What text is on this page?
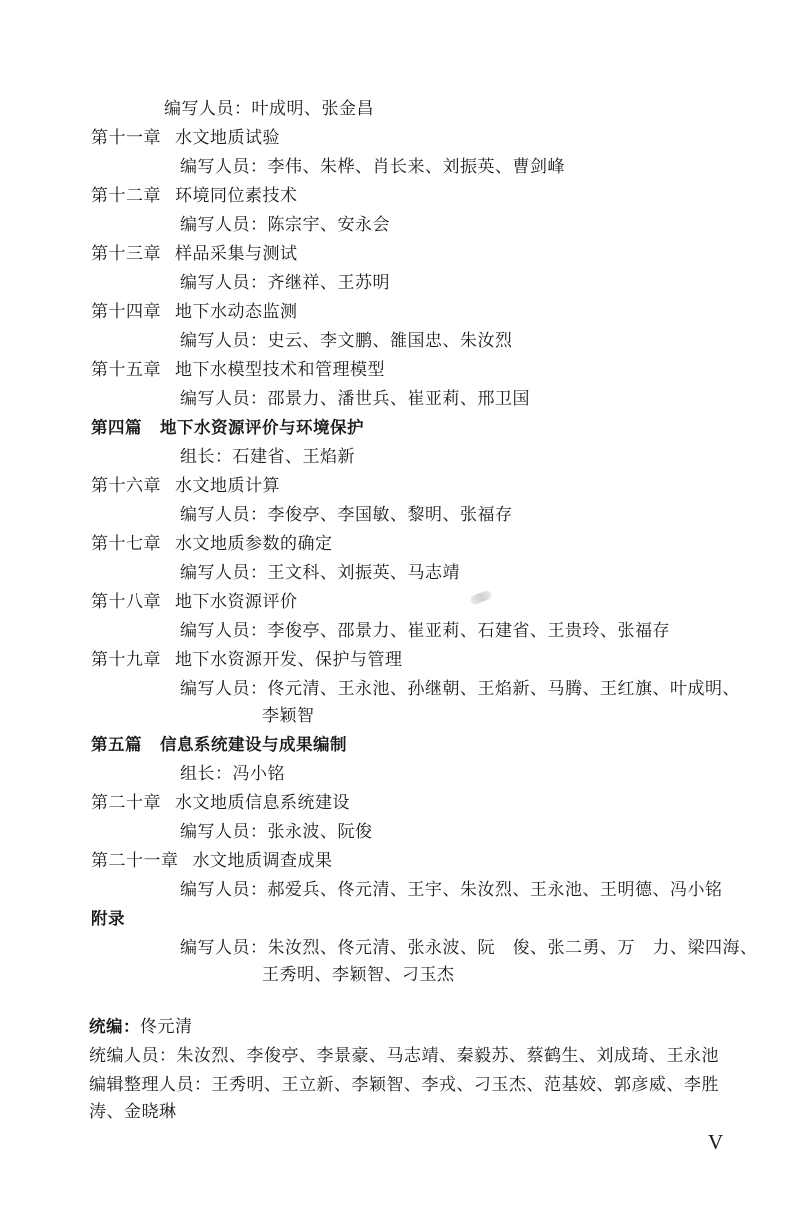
编写人员：叶成明、张金昌
第十一章 水文地质试验
编写人员：李伟、朱桦、肖长来、刘振英、曹剑峰
第十二章 环境同位素技术
编写人员：陈宗宇、安永会
第十三章 样品采集与测试
编写人员：齐继祥、王苏明
第十四章 地下水动态监测
编写人员：史云、李文鹏、雒国忠、朱汝烈
第十五章 地下水模型技术和管理模型
编写人员：邵景力、潘世兵、崔亚莉、邢卫国
第四篇 地下水资源评价与环境保护
组长：石建省、王焰新
第十六章 水文地质计算
编写人员：李俊亭、李国敏、黎明、张福存
第十七章 水文地质参数的确定
编写人员：王文科、刘振英、马志靖
第十八章 地下水资源评价
编写人员：李俊亭、邵景力、崔亚莉、石建省、王贵玲、张福存
第十九章 地下水资源开发、保护与管理
编写人员：佟元清、王永池、孙继朝、王焰新、马腾、王红旗、叶成明、
李颖智
第五篇 信息系统建设与成果编制
组长：冯小铭
第二十章 水文地质信息系统建设
编写人员：张永波、阮俊
第二十一章 水文地质调查成果
编写人员：郝爱兵、佟元清、王宇、朱汝烈、王永池、王明德、冯小铭
附录
编写人员：朱汝烈、佟元清、张永波、阮　俊、张二勇、万　力、梁四海、
王秀明、李颖智、刁玉杰
统编：佟元清
统编人员：朱汝烈、李俊亭、李景豪、马志靖、秦毅苏、蔡鹤生、刘成琦、王永池
编辑整理人员：王秀明、王立新、李颖智、李戎、刁玉杰、范基姣、郭彦威、李胜
涛、金晓琳
V
